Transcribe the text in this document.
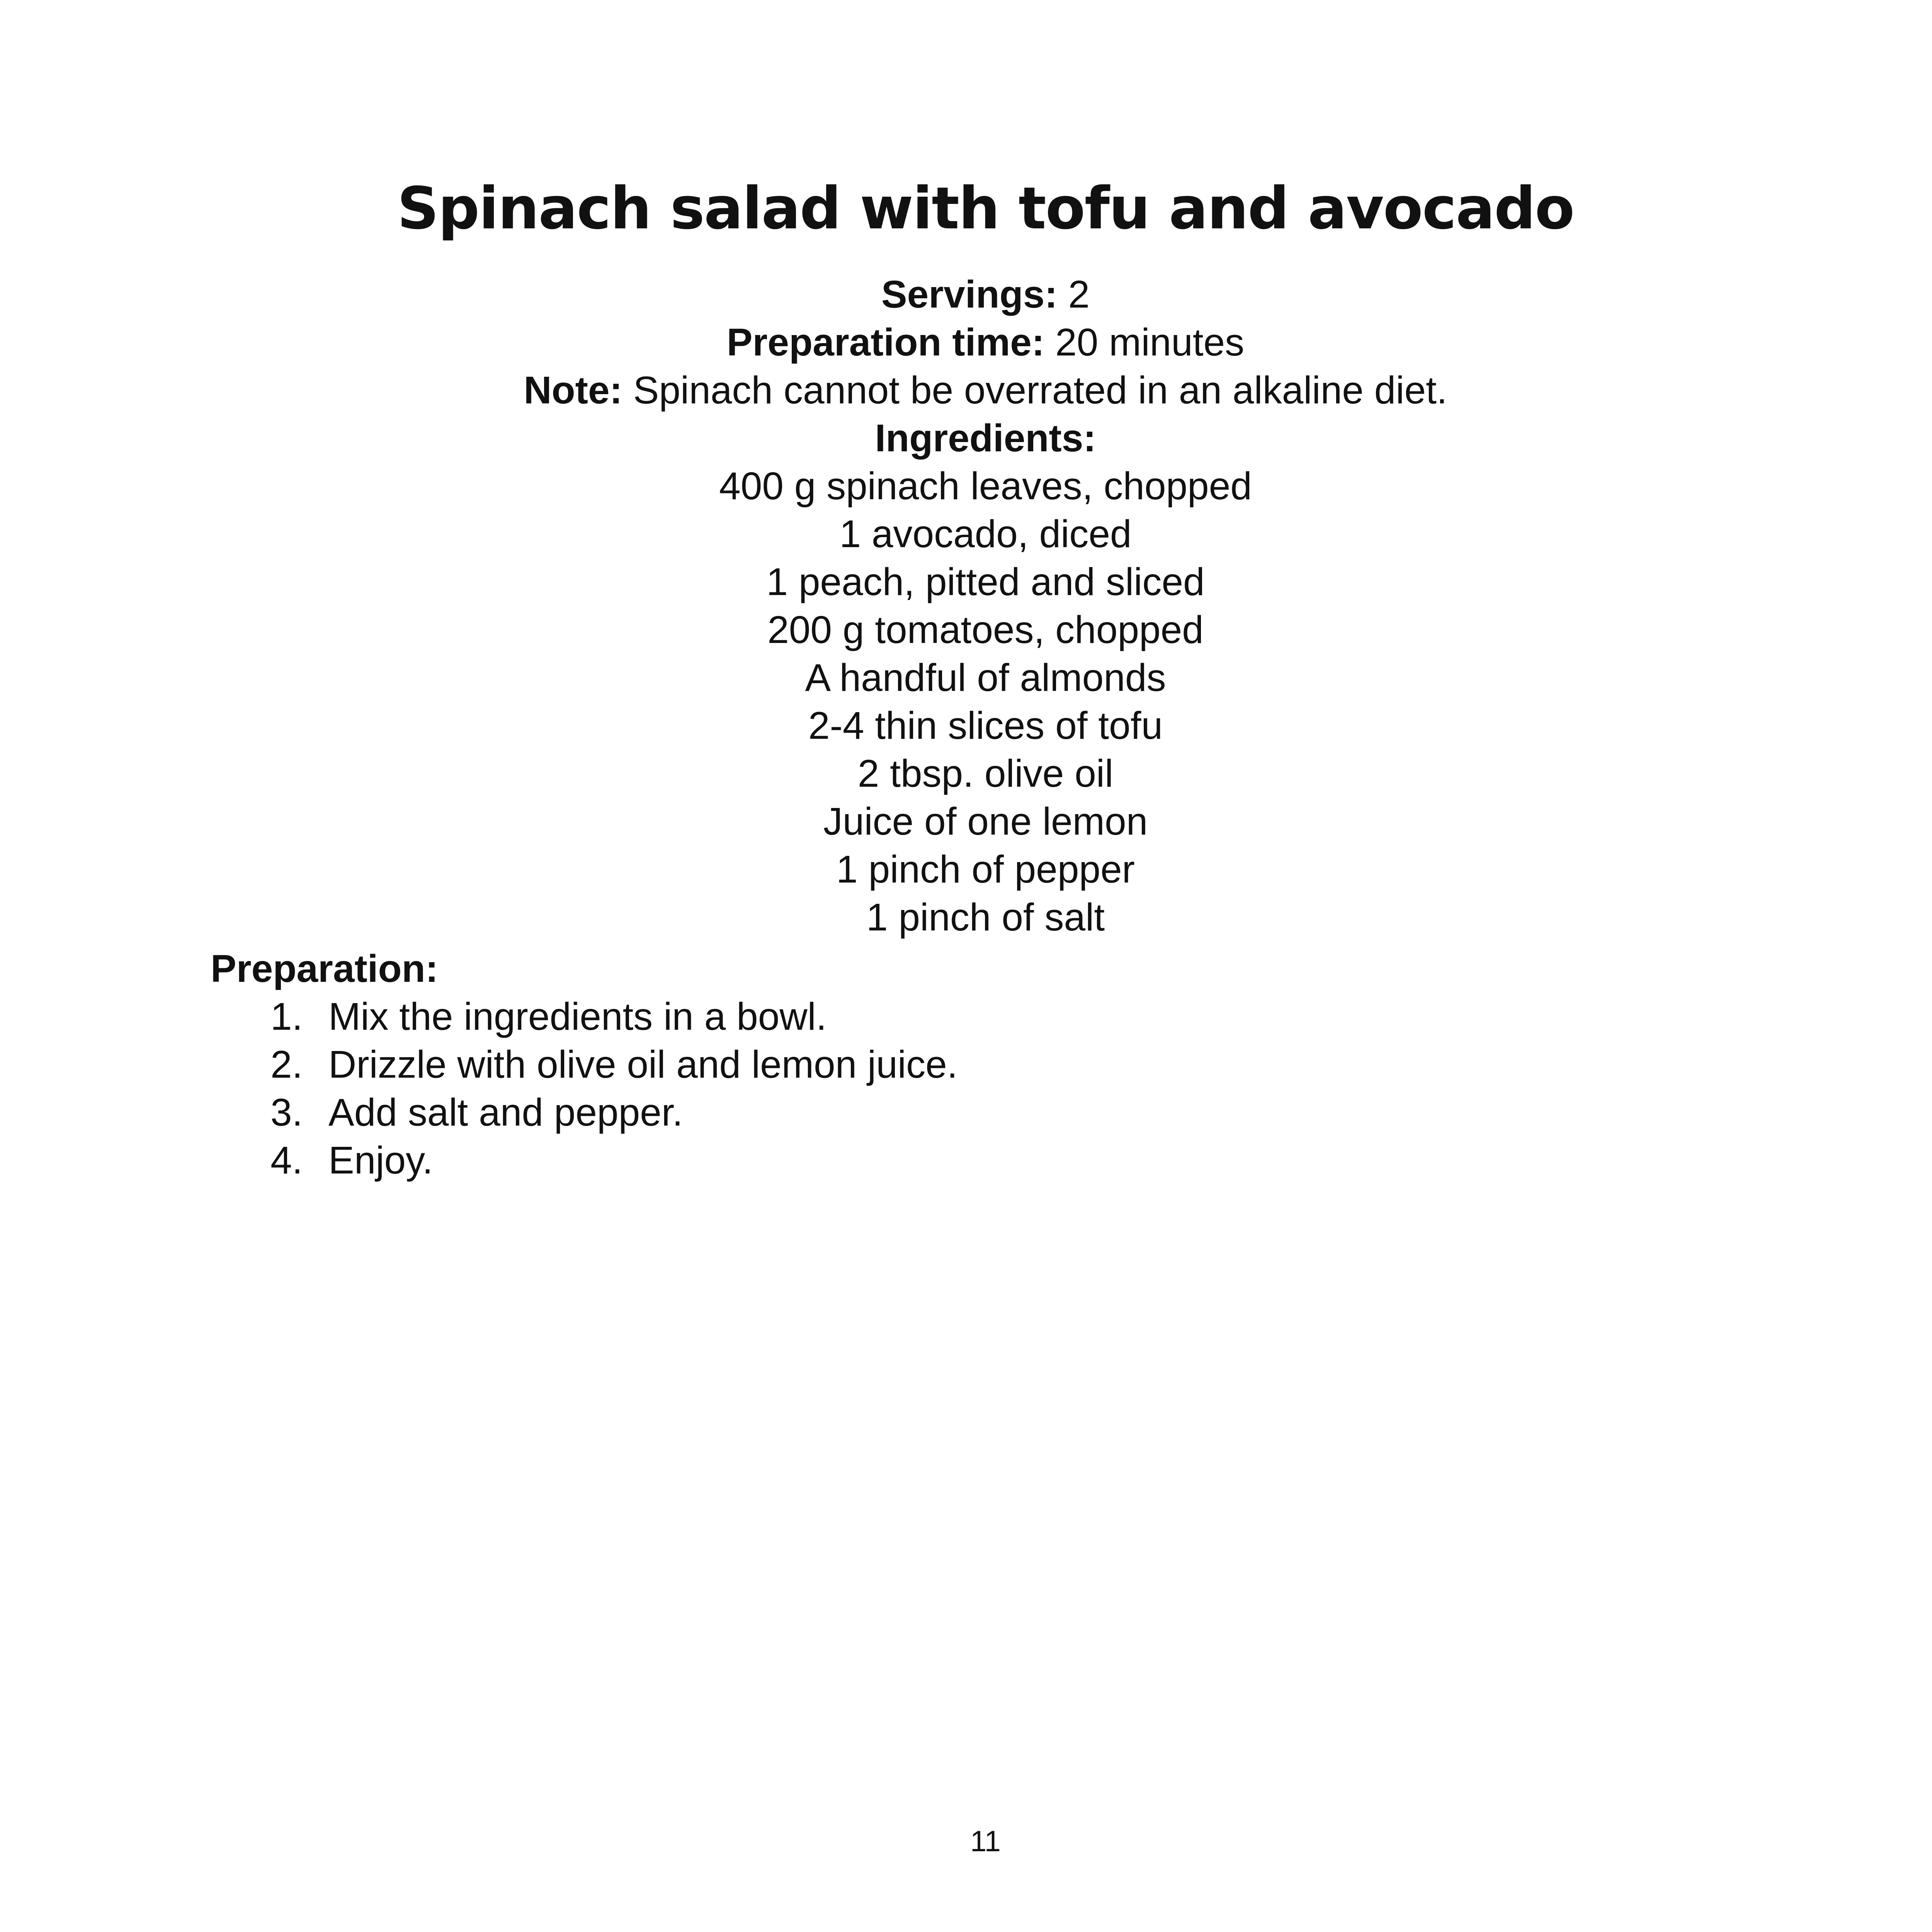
Spinach salad with tofu and avocado
Servings: 2
Preparation time: 20 minutes
Note: Spinach cannot be overrated in an alkaline diet.
Ingredients:
400 g spinach leaves, chopped
1 avocado, diced
1 peach, pitted and sliced
200 g tomatoes, chopped
A handful of almonds
2-4 thin slices of tofu
2 tbsp. olive oil
Juice of one lemon
1 pinch of pepper
1 pinch of salt
Preparation:
1. Mix the ingredients in a bowl.
2. Drizzle with olive oil and lemon juice.
3. Add salt and pepper.
4. Enjoy.
11
